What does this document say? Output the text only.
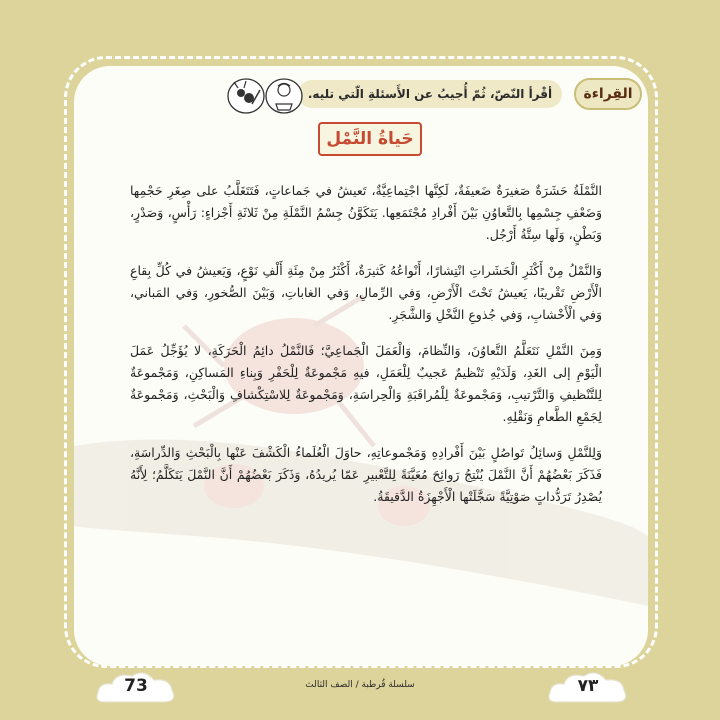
القِراءة
أقْرأ النّصّ، ثُمّ أُجيبُ عن الأَسئلةِ الّتي تليه.
حَياةُ النَّمْل

النَّمْلَةُ حَشَرَةٌ صَغيرَةٌ ضَعيفَةٌ، لَكِنَّها اجْتِماعِيَّةٌ، تَعيشُ في جَماعاتٍ، فَتَتَغَلَّبُ على صِغَرِ حَجْمِها وَضَعْفِ جِسْمِها بِالتَّعاوُنِ بَيْنَ أَفْرادِ مُجْتَمَعِها. يَتَكَوَّنُ جِسْمُ النَّمْلَةِ مِنْ ثَلاثَةِ أَجْزاءٍ: رَأْسٍ، وَصَدْرٍ، وَبَطْنٍ، وَلَها سِتَّةُ أَرْجُل.

وَالنَّمْلُ مِنْ أَكْثَرِ الْحَشَراتِ انْتِشارًا، أَنْواعُهُ كَثيرَةٌ، أَكْثَرُ مِنْ مِئَةِ أَلْفِ نَوْعٍ، وَيَعيشُ في كُلِّ بِقاعِ الْأَرْضِ تَقْريبًا، يَعيشُ تَحْتَ الْأَرْضِ، وَفي الرِّمالِ، وَفي الغاباتِ، وَبَيْنَ الصُّخورِ، وَفي المَباني، وَفي الْأَخْشابِ، وَفي جُذوعِ النَّخْلِ وَالشَّجَرِ.

وَمِنَ النَّمْلِ نَتَعَلَّمُ التَّعاوُنَ، وَالنِّظامَ، وَالْعَمَلَ الْجَماعِيَّ؛ فَالنَّمْلُ دائِمُ الْحَرَكَةِ، لا يُؤَجِّلُ عَمَلَ الْيَوْمِ إلى الغَدِ، وَلَدَيْهِ تَنْظيمٌ عَجيبٌ لِلْعَمَلِ، فيهِ مَجْموعَةٌ لِلْحَفْرِ وَبِناءِ المَساكِنِ، وَمَجْموعَةٌ لِلتَّنْظيفِ وَالتَّرْتيبِ، وَمَجْموعَةٌ لِلْمُراقَبَةِ وَالْحِراسَةِ، وَمَجْموعَةٌ لِلاسْتِكْشافِ وَالْبَحْثِ، وَمَجْموعَةٌ لِجَمْعِ الطَّعامِ وَنَقْلِهِ.

وَلِلنَّمْلِ وَسائِلُ تَواصُلٍ بَيْنَ أَفْرادِهِ وَمَجْموعاتِهِ، حاوَلَ الْعُلَماءُ الْكَشْفَ عَنْها بِالْبَحْثِ وَالدِّراسَةِ، فَذَكَرَ بَعْضُهُمْ أَنَّ النَّمْلَ يُنْتِجُ رَوائِحَ مُعَيَّنَةً لِلتَّعْبيرِ عَمّا يُريدُهُ، وَذَكَرَ بَعْضُهُمْ أَنَّ النَّمْلَ يَتَكَلَّمُ؛ لِأَنَّهُ يُصْدِرُ تَرَدُّداتٍ صَوْتِيَّةً سَجَّلَتْها الْأَجْهِزَةُ الدَّقيقَةُ.

73	سلسلة قُرطبة / الصف الثالث	٧٣
